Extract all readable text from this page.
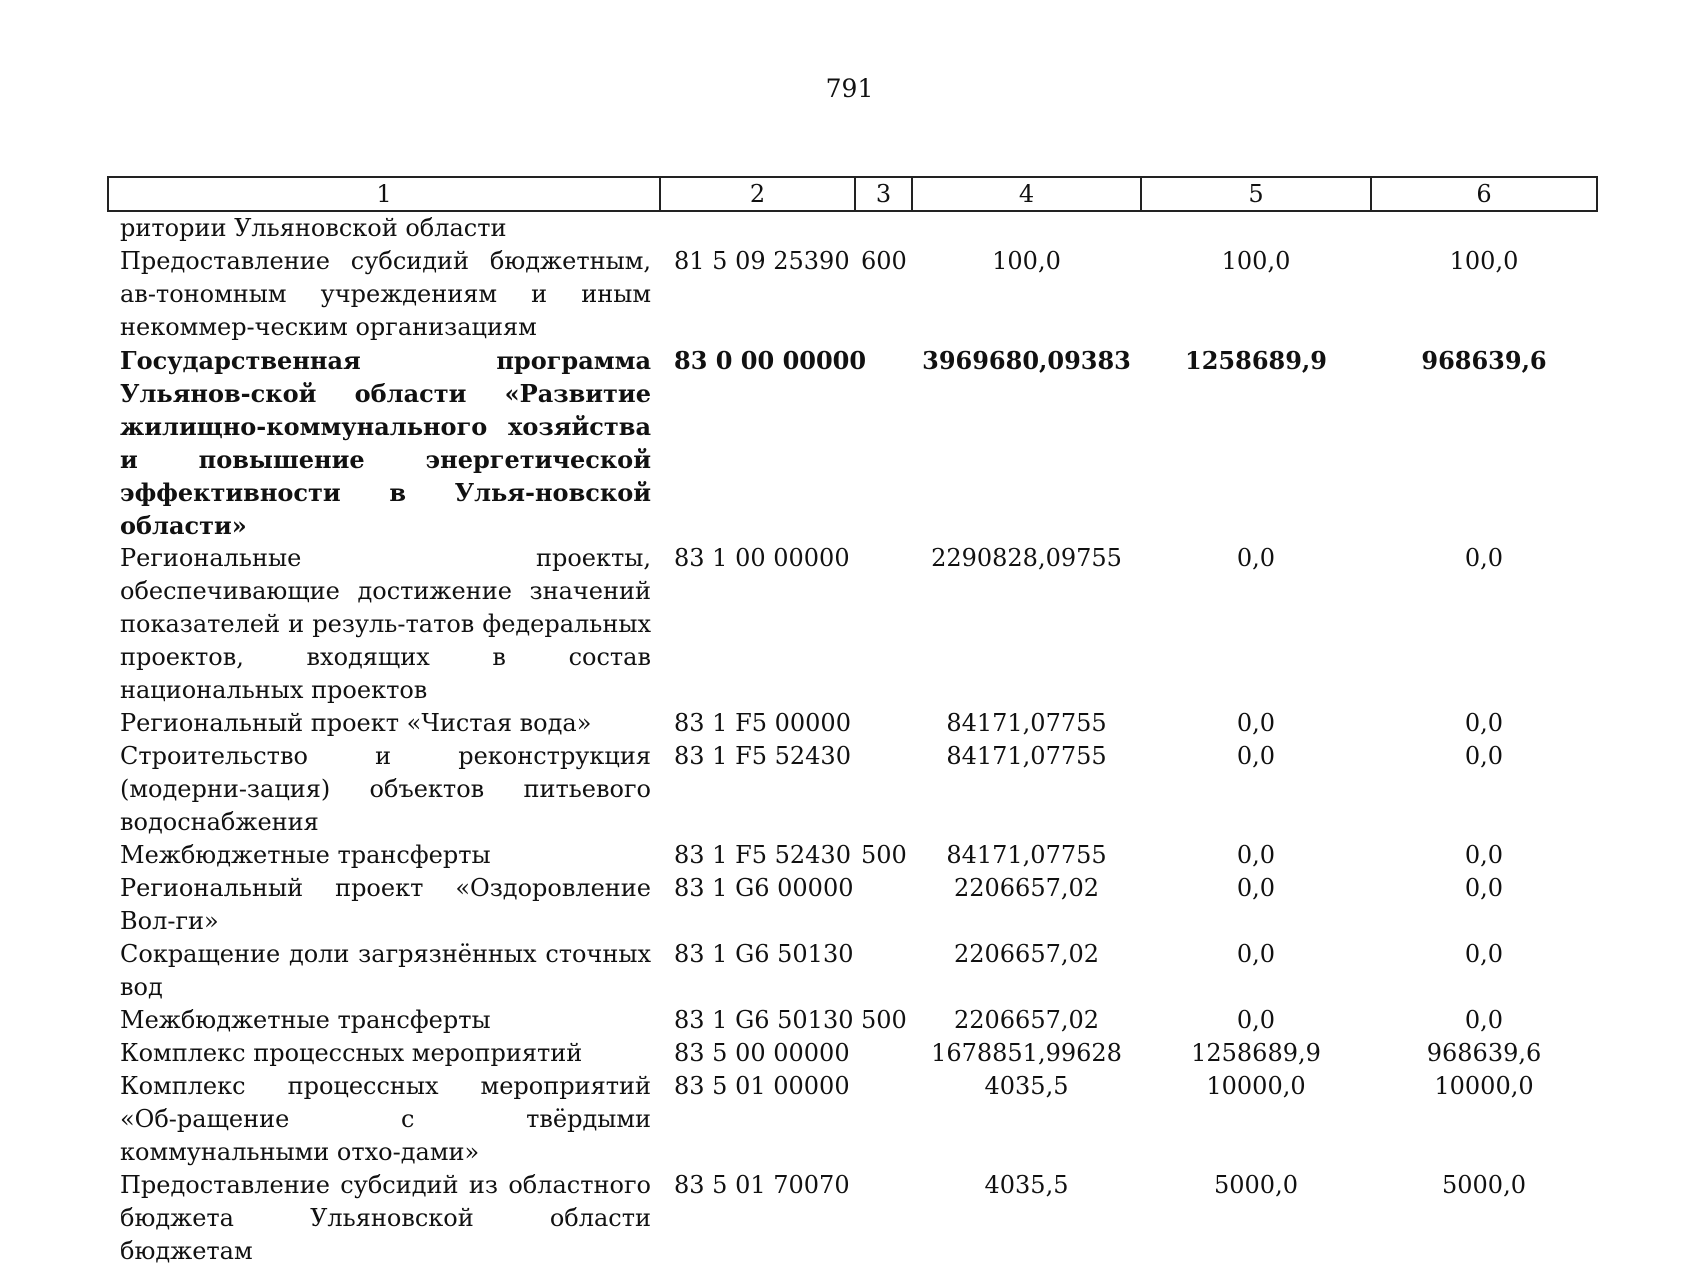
791
1	2	3	4	5	6
ритории Ульяновской области					
Предоставление субсидий бюджетным, ав-тономным учреждениям и иным некоммер-ческим организациям	81 5 09 25390	600	100,0	100,0	100,0
Государственная программа Ульянов-ской области «Развитие жилищно-коммунального хозяйства и повышение энергетической эффективности в Улья-новской области»	83 0 00 00000		3969680,09383	1258689,9	968639,6
Региональные проекты, обеспечивающие достижение значений показателей и резуль-татов федеральных проектов, входящих в состав национальных проектов	83 1 00 00000		2290828,09755	0,0	0,0
Региональный проект «Чистая вода»	83 1 F5 00000		84171,07755	0,0	0,0
Строительство и реконструкция (модерни-зация) объектов питьевого водоснабжения	83 1 F5 52430		84171,07755	0,0	0,0
Межбюджетные трансферты	83 1 F5 52430	500	84171,07755	0,0	0,0
Региональный проект «Оздоровление Вол-ги»	83 1 G6 00000		2206657,02	0,0	0,0
Сокращение доли загрязнённых сточных вод	83 1 G6 50130		2206657,02	0,0	0,0
Межбюджетные трансферты	83 1 G6 50130	500	2206657,02	0,0	0,0
Комплекс процессных мероприятий	83 5 00 00000		1678851,99628	1258689,9	968639,6
Комплекс процессных мероприятий «Об-ращение с твёрдыми коммунальными отхо-дами»	83 5 01 00000		4035,5	10000,0	10000,0
Предоставление субсидий из областного бюджета Ульяновской области бюджетам	83 5 01 70070		4035,5	5000,0	5000,0
